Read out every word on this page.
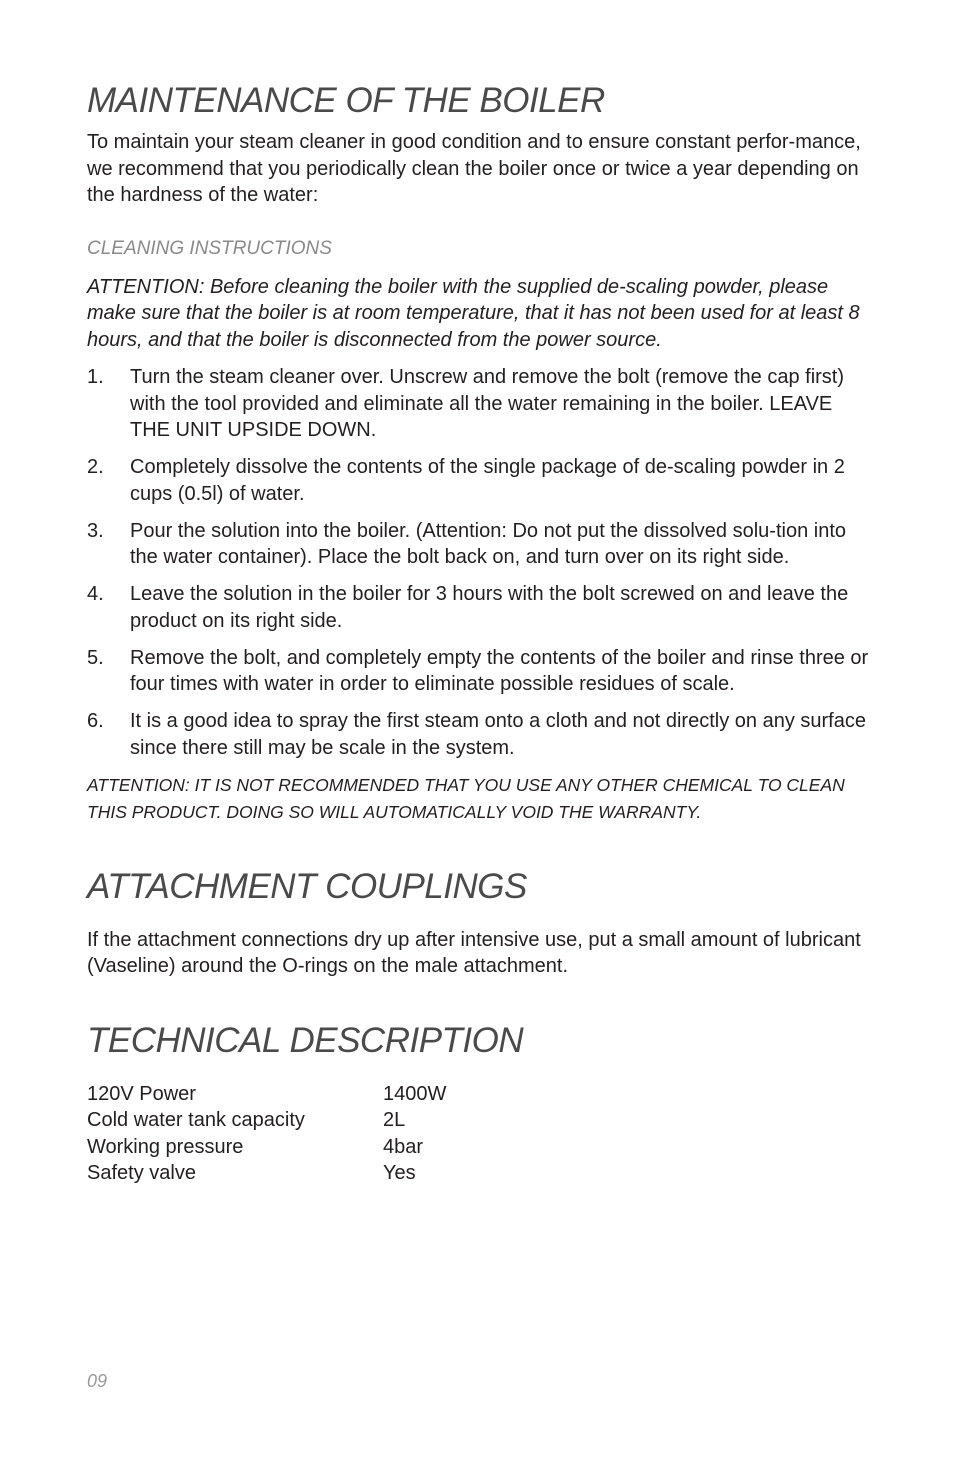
MAINTENANCE OF THE BOILER

To maintain your steam cleaner in good condition and to ensure constant perfor-mance, we recommend that you periodically clean the boiler once or twice a year depending on the hardness of the water:

CLEANING INSTRUCTIONS

ATTENTION: Before cleaning the boiler with the supplied de-scaling powder, please make sure that the boiler is at room temperature, that it has not been used for at least 8 hours, and that the boiler is disconnected from the power source.

1. Turn the steam cleaner over. Unscrew and remove the bolt (remove the cap first) with the tool provided and eliminate all the water remaining in the boiler. LEAVE THE UNIT UPSIDE DOWN.
2. Completely dissolve the contents of the single package of de-scaling powder in 2 cups (0.5l) of water.
3. Pour the solution into the boiler. (Attention: Do not put the dissolved solu-tion into the water container). Place the bolt back on, and turn over on its right side.
4. Leave the solution in the boiler for 3 hours with the bolt screwed on and leave the product on its right side.
5. Remove the bolt, and completely empty the contents of the boiler and rinse three or four times with water in order to eliminate possible residues of scale.
6. It is a good idea to spray the first steam onto a cloth and not directly on any surface since there still may be scale in the system.

ATTENTION: IT IS NOT RECOMMENDED THAT YOU USE ANY OTHER CHEMICAL TO CLEAN THIS PRODUCT. DOING SO WILL AUTOMATICALLY VOID THE WARRANTY.

ATTACHMENT COUPLINGS

If the attachment connections dry up after intensive use, put a small amount of lubricant (Vaseline) around the O-rings on the male attachment.

TECHNICAL DESCRIPTION
120V Power	1400W
Cold water tank capacity	2L
Working pressure	4bar
Safety valve	Yes
09
